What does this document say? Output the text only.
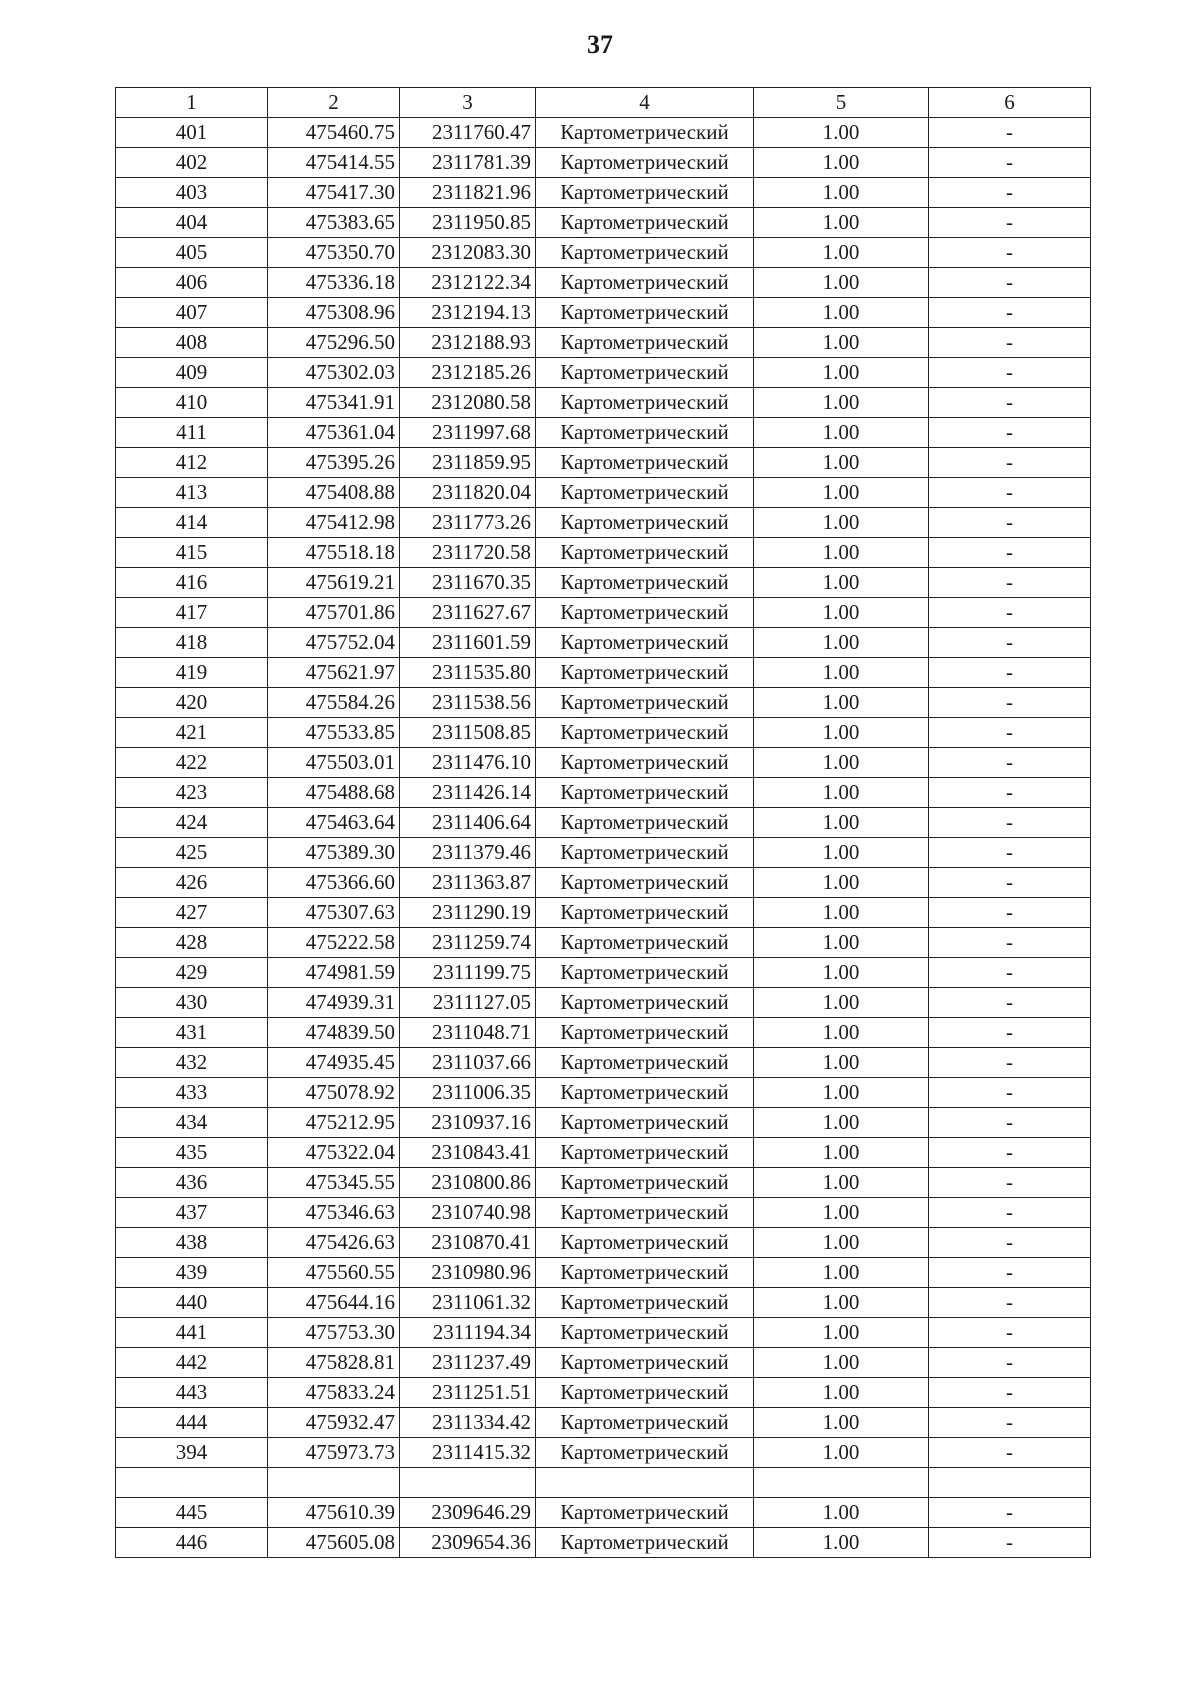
37
1	2	3	4	5	6
401	475460.75	2311760.47	Картометрический	1.00	-
402	475414.55	2311781.39	Картометрический	1.00	-
403	475417.30	2311821.96	Картометрический	1.00	-
404	475383.65	2311950.85	Картометрический	1.00	-
405	475350.70	2312083.30	Картометрический	1.00	-
406	475336.18	2312122.34	Картометрический	1.00	-
407	475308.96	2312194.13	Картометрический	1.00	-
408	475296.50	2312188.93	Картометрический	1.00	-
409	475302.03	2312185.26	Картометрический	1.00	-
410	475341.91	2312080.58	Картометрический	1.00	-
411	475361.04	2311997.68	Картометрический	1.00	-
412	475395.26	2311859.95	Картометрический	1.00	-
413	475408.88	2311820.04	Картометрический	1.00	-
414	475412.98	2311773.26	Картометрический	1.00	-
415	475518.18	2311720.58	Картометрический	1.00	-
416	475619.21	2311670.35	Картометрический	1.00	-
417	475701.86	2311627.67	Картометрический	1.00	-
418	475752.04	2311601.59	Картометрический	1.00	-
419	475621.97	2311535.80	Картометрический	1.00	-
420	475584.26	2311538.56	Картометрический	1.00	-
421	475533.85	2311508.85	Картометрический	1.00	-
422	475503.01	2311476.10	Картометрический	1.00	-
423	475488.68	2311426.14	Картометрический	1.00	-
424	475463.64	2311406.64	Картометрический	1.00	-
425	475389.30	2311379.46	Картометрический	1.00	-
426	475366.60	2311363.87	Картометрический	1.00	-
427	475307.63	2311290.19	Картометрический	1.00	-
428	475222.58	2311259.74	Картометрический	1.00	-
429	474981.59	2311199.75	Картометрический	1.00	-
430	474939.31	2311127.05	Картометрический	1.00	-
431	474839.50	2311048.71	Картометрический	1.00	-
432	474935.45	2311037.66	Картометрический	1.00	-
433	475078.92	2311006.35	Картометрический	1.00	-
434	475212.95	2310937.16	Картометрический	1.00	-
435	475322.04	2310843.41	Картометрический	1.00	-
436	475345.55	2310800.86	Картометрический	1.00	-
437	475346.63	2310740.98	Картометрический	1.00	-
438	475426.63	2310870.41	Картометрический	1.00	-
439	475560.55	2310980.96	Картометрический	1.00	-
440	475644.16	2311061.32	Картометрический	1.00	-
441	475753.30	2311194.34	Картометрический	1.00	-
442	475828.81	2311237.49	Картометрический	1.00	-
443	475833.24	2311251.51	Картометрический	1.00	-
444	475932.47	2311334.42	Картометрический	1.00	-
394	475973.73	2311415.32	Картометрический	1.00	-

445	475610.39	2309646.29	Картометрический	1.00	-
446	475605.08	2309654.36	Картометрический	1.00	-
